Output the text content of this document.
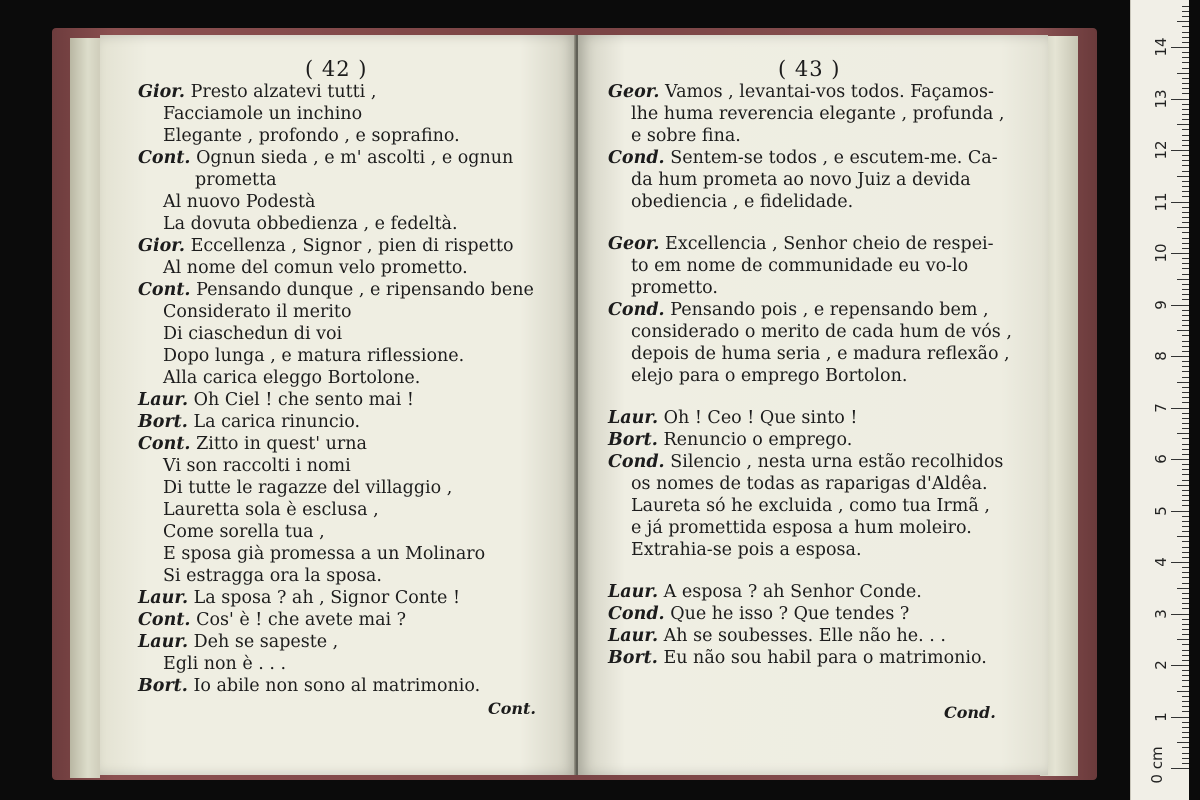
( 42 )
Gior. Presto alzatevi tutti ,
Facciamole un inchino
Elegante , profondo , e soprafino.
Cont. Ognun sieda , e m' ascolti , e ognun
prometta
Al nuovo Podestà
La dovuta obbedienza , e fedeltà.
Gior. Eccellenza , Signor , pien di rispetto
Al nome del comun velo prometto.
Cont. Pensando dunque , e ripensando bene
Considerato il merito
Di ciaschedun di voi
Dopo lunga , e matura riflessione.
Alla carica eleggo Bortolone.
Laur. Oh Ciel ! che sento mai !
Bort. La carica rinuncio.
Cont. Zitto in quest' urna
Vi son raccolti i nomi
Di tutte le ragazze del villaggio ,
Lauretta sola è esclusa ,
Come sorella tua ,
E sposa già promessa a un Molinaro
Si estragga ora la sposa.
Laur. La sposa ? ah , Signor Conte !
Cont. Cos' è ! che avete mai ?
Laur. Deh se sapeste ,
Egli non è . . .
Bort. Io abile non sono al matrimonio.
Cont.
( 43 )
Geor. Vamos , levantai-vos todos. Façamos-
lhe huma reverencia elegante , profunda ,
e sobre fina.
Cond. Sentem-se todos , e escutem-me. Ca-
da hum prometa ao novo Juiz a devida
obediencia , e fidelidade.
Geor. Excellencia , Senhor cheio de respei-
to em nome de communidade eu vo-lo
prometto.
Cond. Pensando pois , e repensando bem ,
considerado o merito de cada hum de vós ,
depois de huma seria , e madura reflexão ,
elejo para o emprego Bortolon.
Laur. Oh ! Ceo ! Que sinto !
Bort. Renuncio o emprego.
Cond. Silencio , nesta urna estão recolhidos
os nomes de todas as raparigas d'Aldêa.
Laureta só he excluida , como tua Irmã ,
e já promettida esposa a hum moleiro.
Extrahia-se pois a esposa.
Laur. A esposa ? ah Senhor Conde.
Cond. Que he isso ? Que tendes ?
Laur. Ah se soubesses. Elle não he. . .
Bort. Eu não sou habil para o matrimonio.
Cond.
0 cm
1
2
3
4
5
6
7
8
9
10
11
12
13
14
